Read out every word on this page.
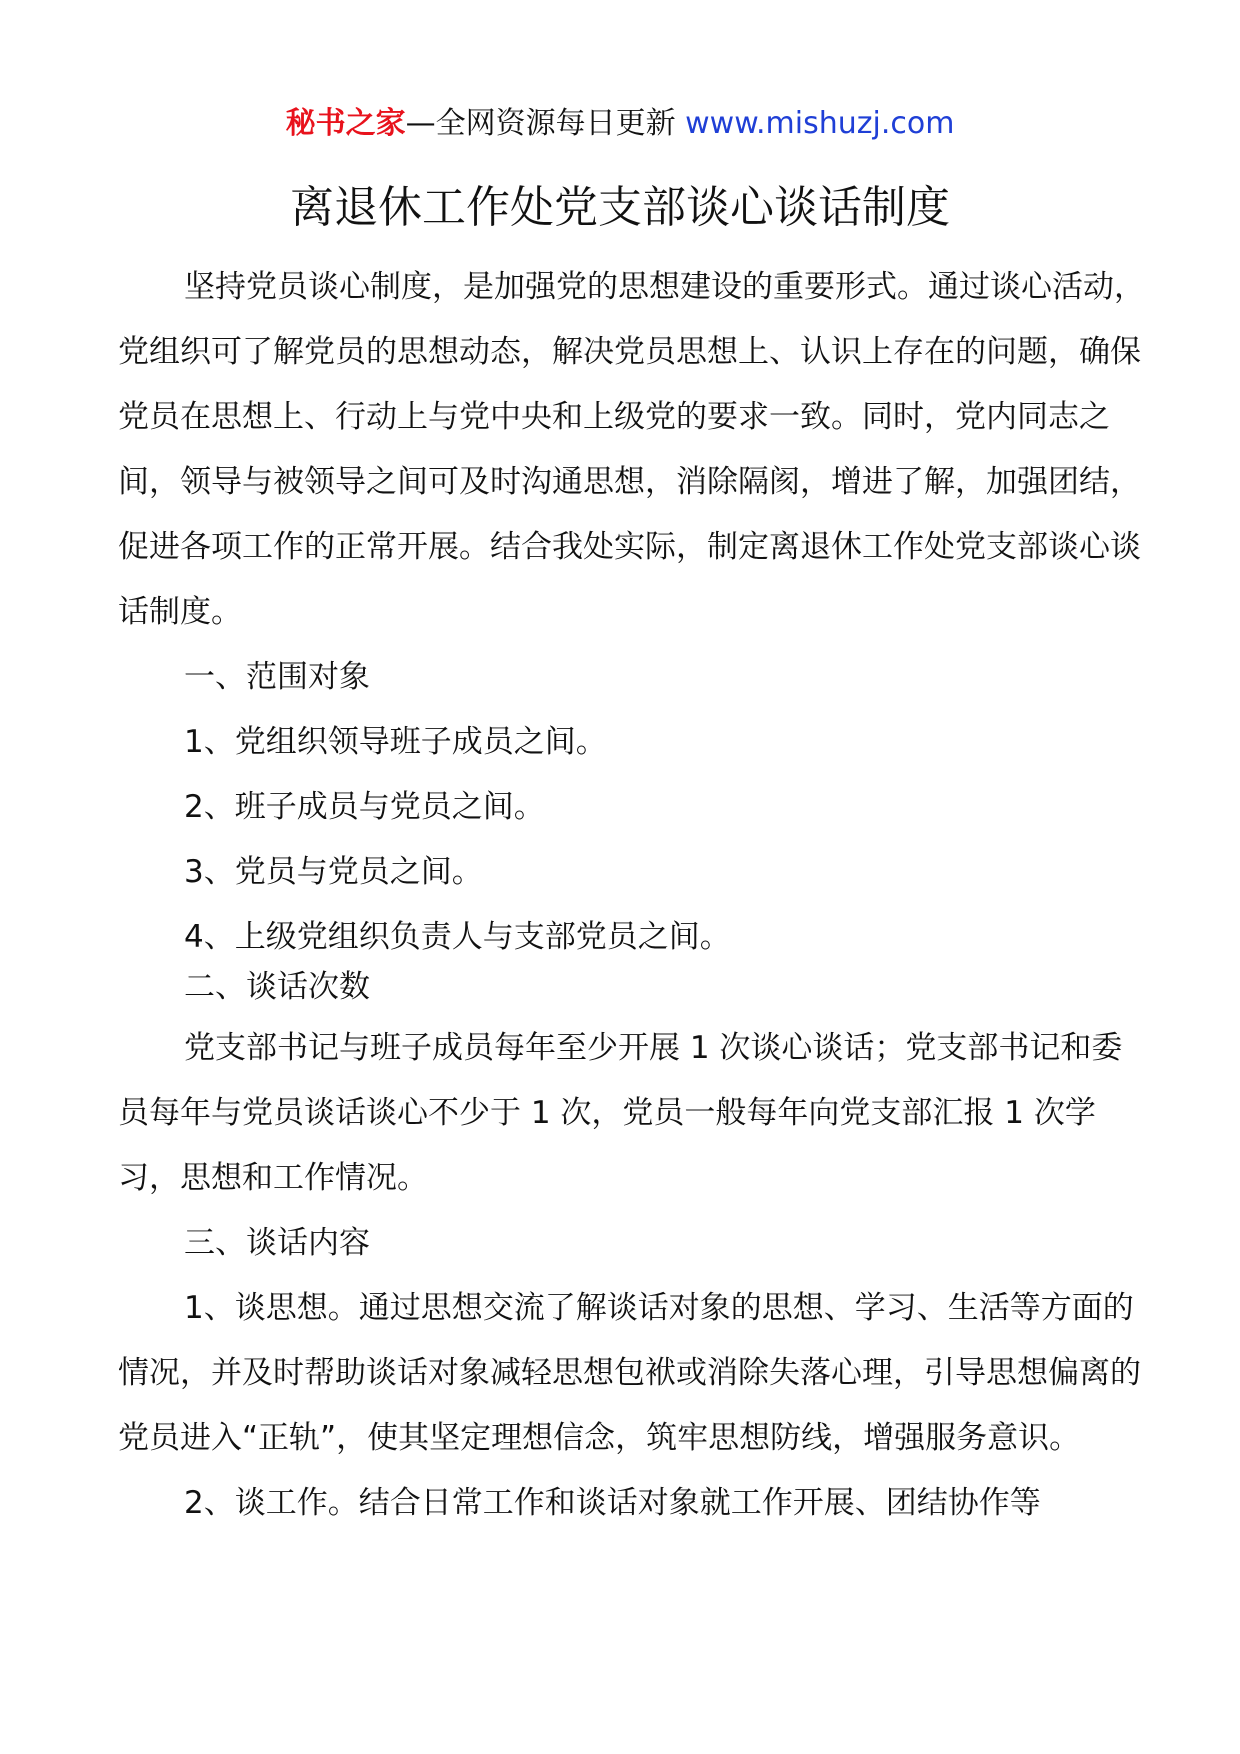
秘书之家—全网资源每日更新 www.mishuzj.com
离退休工作处党支部谈心谈话制度

坚持党员谈心制度，是加强党的思想建设的重要形式。通过谈心活动，党组织可了解党员的思想动态，解决党员思想上、认识上存在的问题，确保党员在思想上、行动上与党中央和上级党的要求一致。同时，党内同志之间，领导与被领导之间可及时沟通思想，消除隔阂，增进了解，加强团结，促进各项工作的正常开展。结合我处实际，制定离退休工作处党支部谈心谈话制度。

一、范围对象

1、党组织领导班子成员之间。

2、班子成员与党员之间。

3、党员与党员之间。

4、上级党组织负责人与支部党员之间。

二、谈话次数

党支部书记与班子成员每年至少开展 1 次谈心谈话；党支部书记和委员每年与党员谈话谈心不少于 1 次，党员一般每年向党支部汇报 1 次学习，思想和工作情况。

三、谈话内容

1、谈思想。通过思想交流了解谈话对象的思想、学习、生活等方面的情况，并及时帮助谈话对象减轻思想包袱或消除失落心理，引导思想偏离的党员进入“正轨”，使其坚定理想信念，筑牢思想防线，增强服务意识。

2、谈工作。结合日常工作和谈话对象就工作开展、团结协作等
